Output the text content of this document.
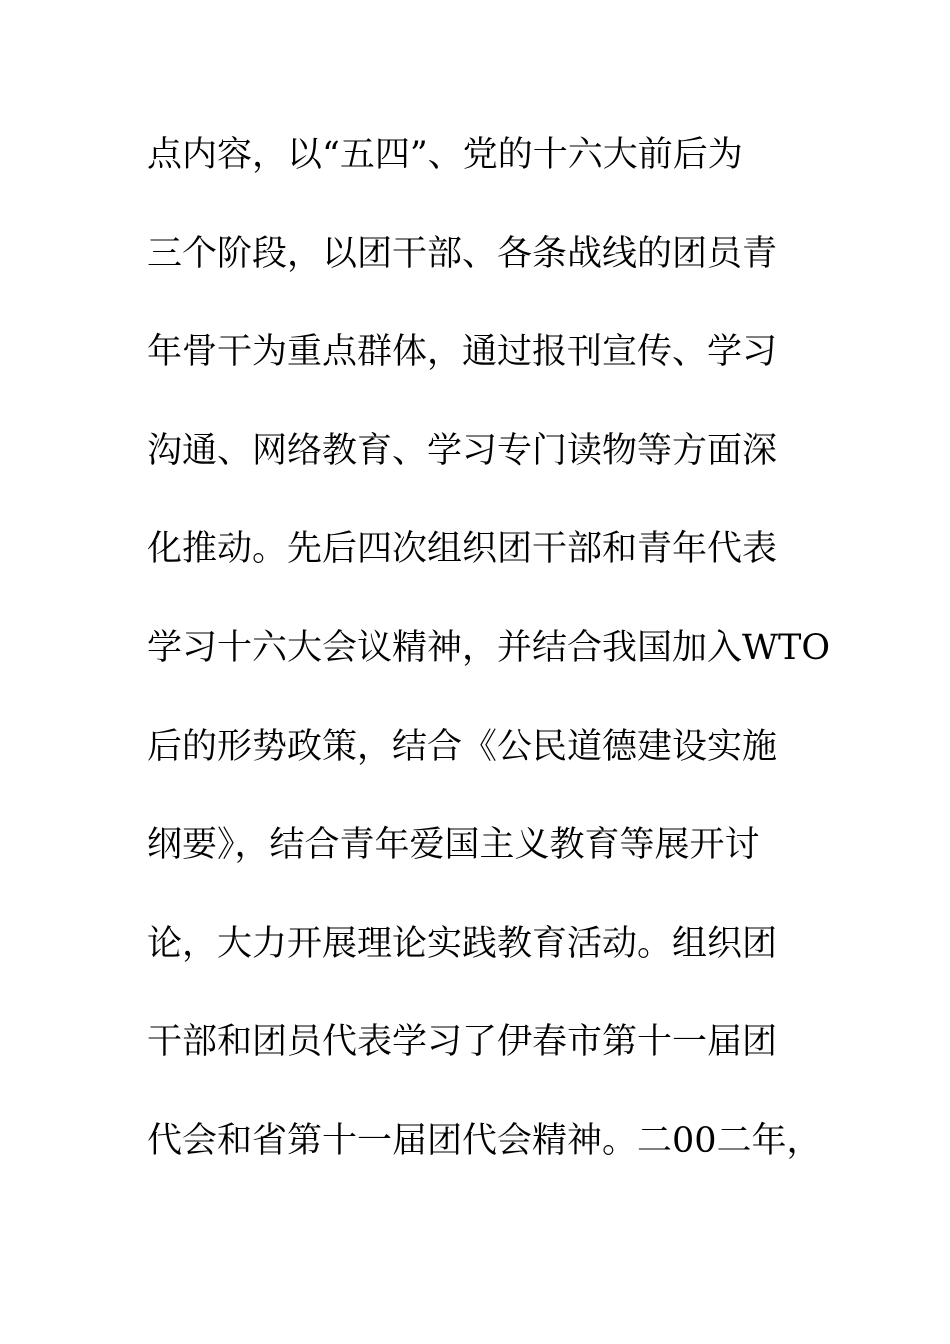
点内容，以“五四”、党的十六大前后为
三个阶段，以团干部、各条战线的团员青
年骨干为重点群体，通过报刊宣传、学习
沟通、网络教育、学习专门读物等方面深
化推动。先后四次组织团干部和青年代表
学习十六大会议精神，并结合我国加入WTO
后的形势政策，结合《公民道德建设实施
纲要》，结合青年爱国主义教育等展开讨
论，大力开展理论实践教育活动。组织团
干部和团员代表学习了伊春市第十一届团
代会和省第十一届团代会精神。二00二年，
